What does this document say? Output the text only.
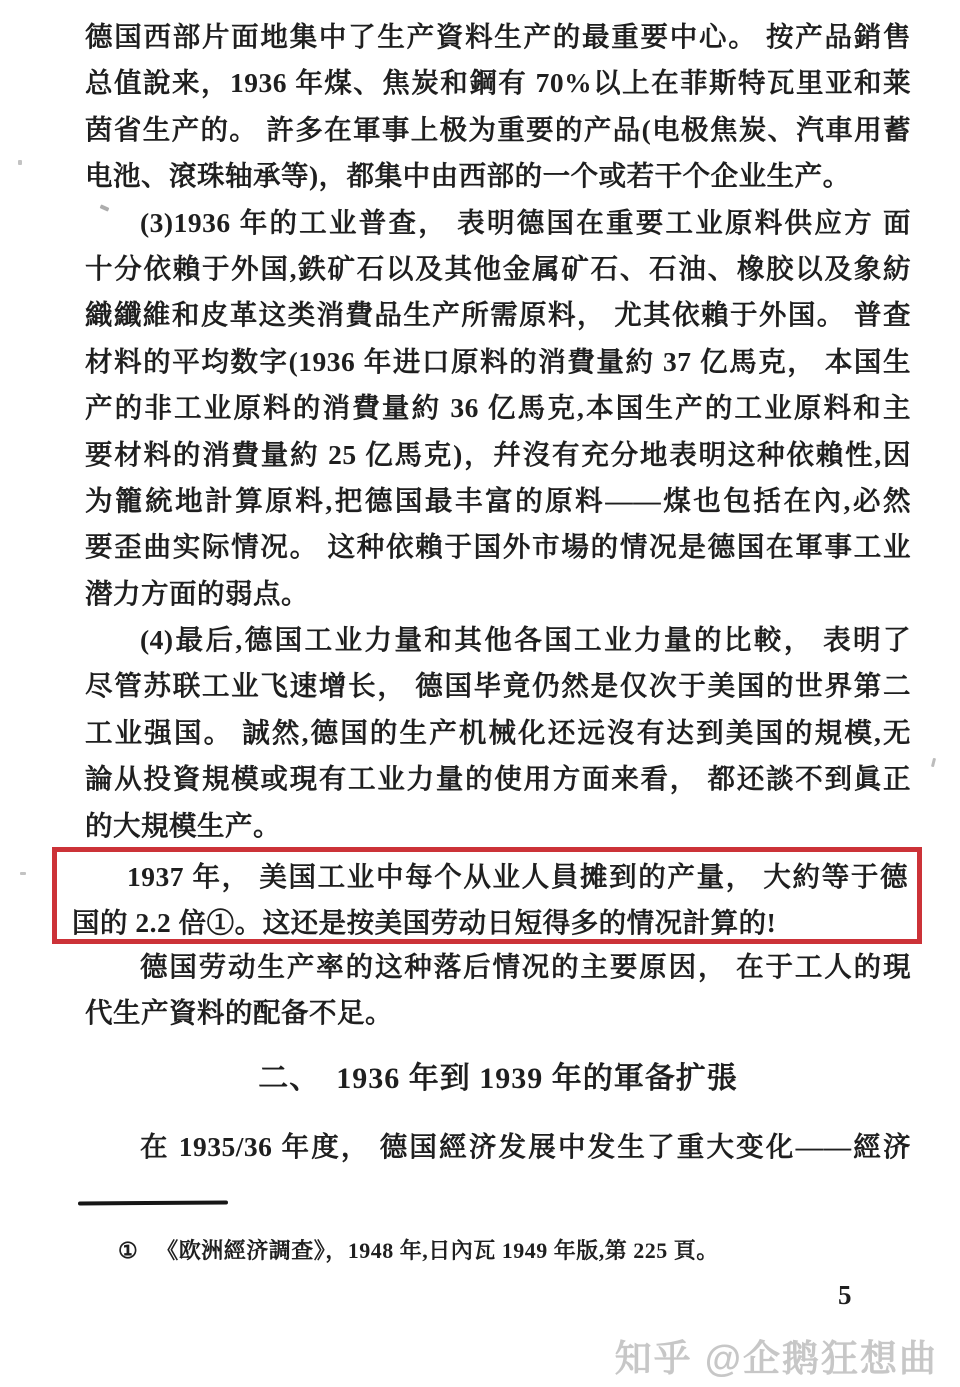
德国西部片面地集中了生产資料生产的最重要中心。 按产品銷售
总值說来，1936 年煤、焦炭和鋼有 70%以上在菲斯特瓦里亚和莱
茵省生产的。 許多在軍事上极为重要的产品(电极焦炭、汽車用蓄
电池、滾珠轴承等)，都集中由西部的一个或若干个企业生产。
(3)1936 年的工业普查， 表明德国在重要工业原料供应方 面
十分依賴于外国,鉄矿石以及其他金属矿石、石油、橡胶以及象紡
織纖維和皮革这类消費品生产所需原料， 尤其依賴于外国。 普查
材料的平均数字(1936 年进口原料的消費量約 37 亿馬克， 本国生
产的非工业原料的消費量約 36 亿馬克,本国生产的工业原料和主
要材料的消費量約 25 亿馬克)，幷沒有充分地表明这种依賴性,因
为籠統地計算原料,把德国最丰富的原料——煤也包括在內,必然
要歪曲实际情况。 这种依賴于国外市場的情况是德国在軍事工业
潜力方面的弱点。
(4)最后,德国工业力量和其他各国工业力量的比較， 表明了
尽管苏联工业飞速增长， 德国毕竟仍然是仅次于美国的世界第二
工业强国。 誠然,德国的生产机械化还远沒有达到美国的規模,无
論从投資規模或現有工业力量的使用方面来看， 都还談不到眞正
的大規模生产。
1937 年， 美国工业中每个从业人員摊到的产量， 大約等于德
国的 2.2 倍①。这还是按美国劳动日短得多的情况計算的!
德国劳动生产率的这种落后情况的主要原因， 在于工人的現
代生产資料的配备不足。
二、　1936 年到 1939 年的軍备扩張
在 1935/36 年度， 德国經济发展中发生了重大变化——經济
① 《欧洲經济調查》，1948 年,日內瓦 1949 年版,第 225 頁。
5
知乎 @企鹅狂想曲
